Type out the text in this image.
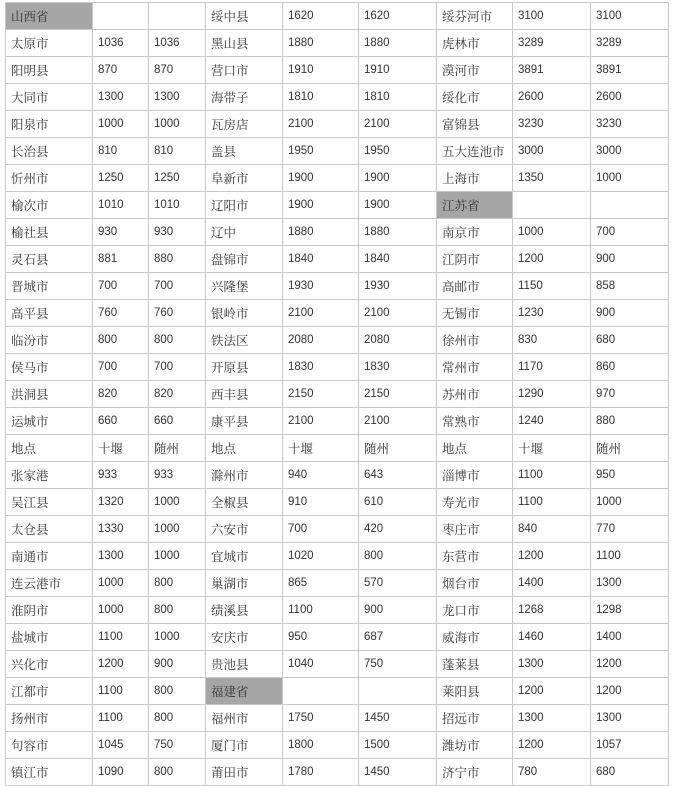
山西省			绥中县	1620	1620	绥芬河市	3100	3100
太原市	1036	1036	黑山县	1880	1880	虎林市	3289	3289
阳明县	870	870	营口市	1910	1910	漠河市	3891	3891
大同市	1300	1300	海带子	1810	1810	绥化市	2600	2600
阳泉市	1000	1000	瓦房店	2100	2100	富锦县	3230	3230
长治县	810	810	盖县	1950	1950	五大连池市	3000	3000
忻州市	1250	1250	阜新市	1900	1900	上海市	1350	1000
榆次市	1010	1010	辽阳市	1900	1900	江苏省		
榆社县	930	930	辽中	1880	1880	南京市	1000	700
灵石县	881	880	盘锦市	1840	1840	江阴市	1200	900
晋城市	700	700	兴隆堡	1930	1930	高邮市	1150	858
高平县	760	760	银岭市	2100	2100	无锡市	1230	900
临汾市	800	800	铁法区	2080	2080	徐州市	830	680
侯马市	700	700	开原县	1830	1830	常州市	1170	860
洪洞县	820	820	西丰县	2150	2150	苏州市	1290	970
运城市	660	660	康平县	2100	2100	常熟市	1240	880
地点	十堰	随州	地点	十堰	随州	地点	十堰	随州
张家港	933	933	滁州市	940	643	淄博市	1100	950
吴江县	1320	1000	全椒县	910	610	寿光市	1100	1000
太仓县	1330	1000	六安市	700	420	枣庄市	840	770
南通市	1300	1000	宜城市	1020	800	东营市	1200	1100
连云港市	1000	800	巢湖市	865	570	烟台市	1400	1300
淮阴市	1000	800	绩溪县	1100	900	龙口市	1268	1298
盐城市	1100	1000	安庆市	950	687	威海市	1460	1400
兴化市	1200	900	贵池县	1040	750	蓬莱县	1300	1200
江都市	1100	800	福建省			莱阳县	1200	1200
扬州市	1100	800	福州市	1750	1450	招远市	1300	1300
句容市	1045	750	厦门市	1800	1500	潍坊市	1200	1057
镇江市	1090	800	莆田市	1780	1450	济宁市	780	680
